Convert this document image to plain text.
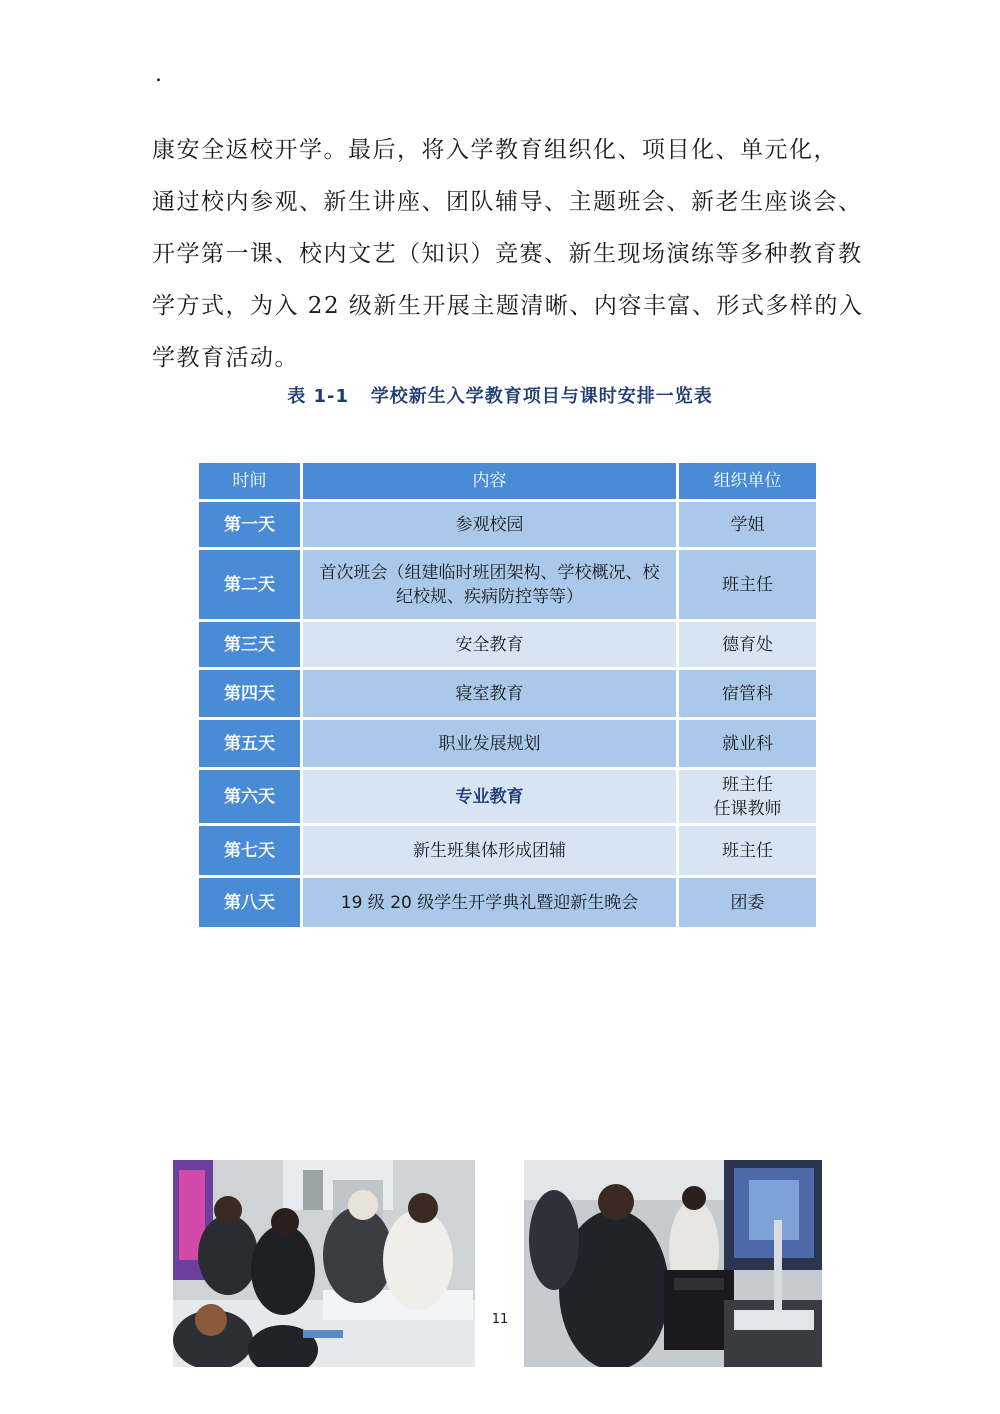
.
康安全返校开学。最后，将入学教育组织化、项目化、单元化，
通过校内参观、新生讲座、团队辅导、主题班会、新老生座谈会、
开学第一课、校内文艺（知识）竞赛、新生现场演练等多种教育教
学方式，为入 22 级新生开展主题清晰、内容丰富、形式多样的入
学教育活动。
表 1-1   学校新生入学教育项目与课时安排一览表
时间	内容	组织单位
第一天	参观校园	学姐
第二天	首次班会（组建临时班团架构、学校概况、校纪校规、疾病防控等等）	班主任
第三天	安全教育	德育处
第四天	寝室教育	宿管科
第五天	职业发展规划	就业科
第六天	专业教育	班主任
任课教师
第七天	新生班集体形成团辅	班主任
第八天	19 级 20 级学生开学典礼暨迎新生晚会	团委
11
